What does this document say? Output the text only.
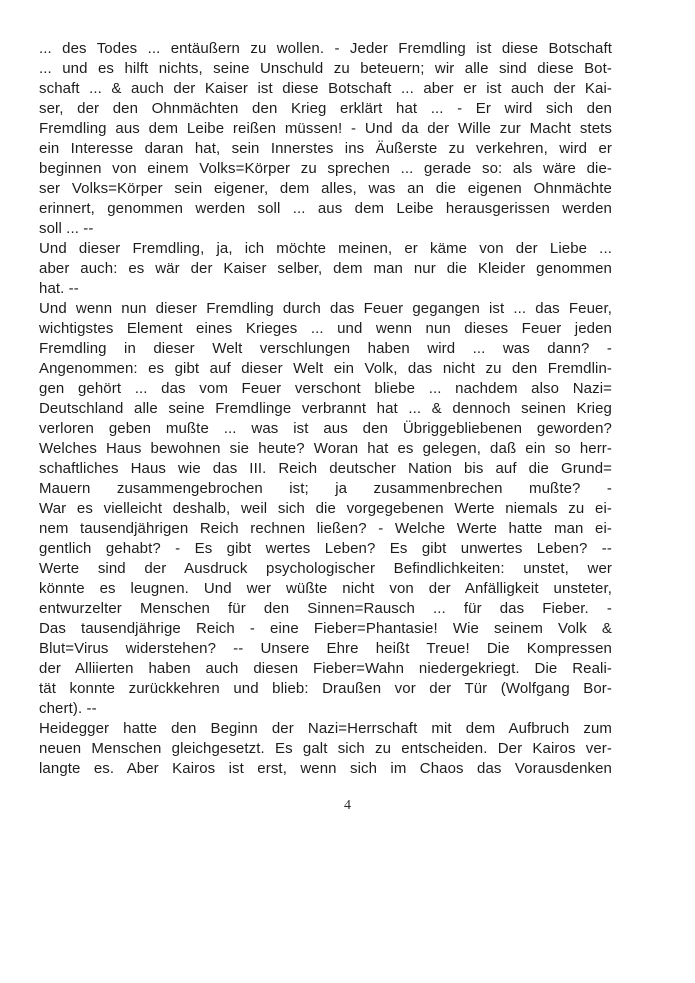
... des Todes ... entäußern zu wollen. - Jeder Fremdling ist diese Botschaft
... und es hilft nichts, seine Unschuld zu beteuern; wir alle sind diese Bot-
schaft ... & auch der Kaiser ist diese Botschaft ... aber er ist auch der Kai-
ser, der den Ohnmächten den Krieg erklärt hat ... - Er wird sich den
Fremdling aus dem Leibe reißen müssen! - Und da der Wille zur Macht stets
ein Interesse daran hat, sein Innerstes ins Äußerste zu verkehren, wird er
beginnen von einem Volks=Körper zu sprechen ... gerade so: als wäre die-
ser Volks=Körper sein eigener, dem alles, was an die eigenen Ohnmächte
erinnert, genommen werden soll ... aus dem Leibe herausgerissen werden
soll ... --
Und dieser Fremdling, ja, ich möchte meinen, er käme von der Liebe ...
aber auch: es wär der Kaiser selber, dem man nur die Kleider genommen
hat. --
Und wenn nun dieser Fremdling durch das Feuer gegangen ist ... das Feuer,
wichtigstes Element eines Krieges ... und wenn nun dieses Feuer jeden
Fremdling in dieser Welt verschlungen haben wird ... was dann? -
Angenommen: es gibt auf dieser Welt ein Volk, das nicht zu den Fremdlin-
gen gehört ... das vom Feuer verschont bliebe ... nachdem also Nazi=
Deutschland alle seine Fremdlinge verbrannt hat ... & dennoch seinen Krieg
verloren geben mußte ... was ist aus den Übriggebliebenen geworden?
Welches Haus bewohnen sie heute? Woran hat es gelegen, daß ein so herr-
schaftliches Haus wie das III. Reich deutscher Nation bis auf die Grund=
Mauern zusammengebrochen ist; ja zusammenbrechen mußte? -
War es vielleicht deshalb, weil sich die vorgegebenen Werte niemals zu ei-
nem tausendjährigen Reich rechnen ließen? - Welche Werte hatte man ei-
gentlich gehabt? - Es gibt wertes Leben? Es gibt unwertes Leben? --
Werte sind der Ausdruck psychologischer Befindlichkeiten: unstet, wer
könnte es leugnen. Und wer wüßte nicht von der Anfälligkeit unsteter,
entwurzelter Menschen für den Sinnen=Rausch ... für das Fieber. -
Das tausendjährige Reich - eine Fieber=Phantasie! Wie seinem Volk &
Blut=Virus widerstehen? -- Unsere Ehre heißt Treue! Die Kompressen
der Alliierten haben auch diesen Fieber=Wahn niedergekriegt. Die Reali-
tät konnte zurückkehren und blieb: Draußen vor der Tür (Wolfgang Bor-
chert). --
Heidegger hatte den Beginn der Nazi=Herrschaft mit dem Aufbruch zum
neuen Menschen gleichgesetzt. Es galt sich zu entscheiden. Der Kairos ver-
langte es. Aber Kairos ist erst, wenn sich im Chaos das Vorausdenken
4
